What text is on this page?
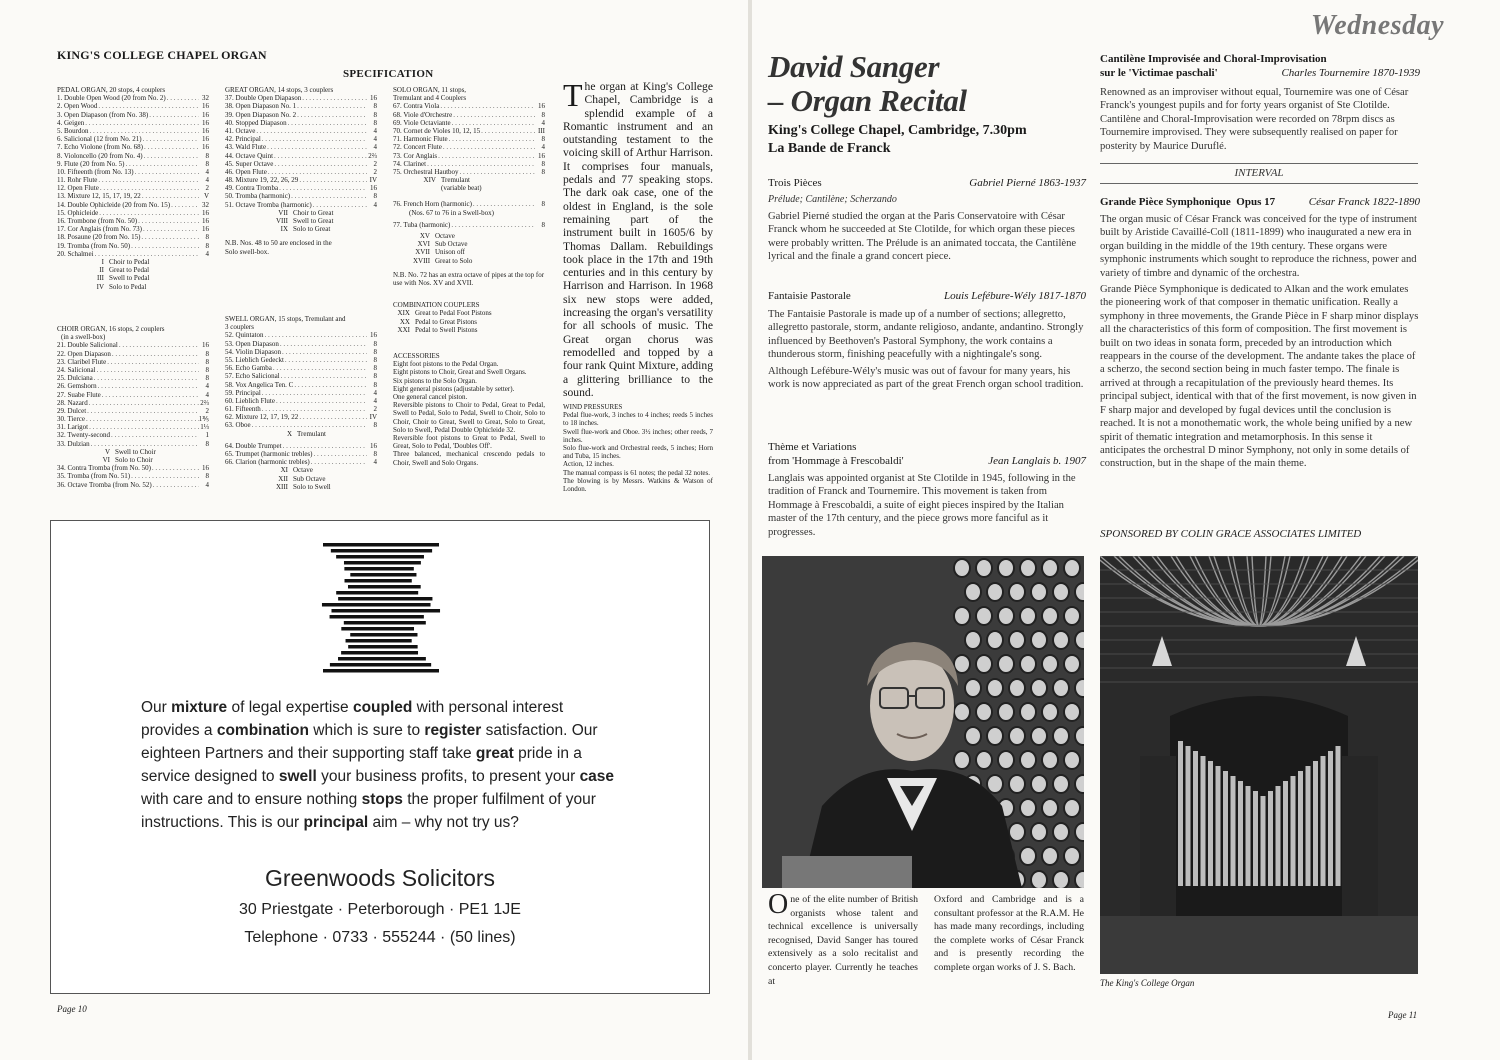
KING'S COLLEGE CHAPEL ORGAN
SPECIFICATION
PEDAL ORGAN, 20 stops, 4 couplers
1. Double Open Wood (20 from No. 2) . . .	32
2. Open Wood . . .	16
3. Open Diapason (from No. 38) . . .	16
4. Geigen . . .	16
5. Bourdon . . .	16
6. Salicional (12 from No. 21) . . .	16
7. Echo Violone (from No. 68) . . .	16
8. Violoncello (20 from No. 4) . . .	8
9. Flute (20 from No. 5) . . .	8
10. Fifteenth (from No. 13) . . .	4
11. Rohr Flute . . .	4
12. Open Flute . . .	2
13. Mixture 12, 15, 17, 19, 22 . . .	V
14. Double Ophicleide (20 from No. 15) . . .	32
15. Ophicleide . . .	16
16. Trombone (from No. 50) . . .	16
17. Cor Anglais (from No. 73) . . .	16
18. Posaune (20 from No. 15) . . .	8
19. Tromba (from No. 50) . . .	8
20. Schalmei . . .	4
I Choir to Pedal
II Great to Pedal
III Swell to Pedal
IV Solo to Pedal
CHOIR ORGAN, 16 stops, 2 couplers
(in a swell-box)
21. Double Salicional . . .	16
22. Open Diapason . . .	8
23. Claribel Flute . . .	8
24. Salicional . . .	8
25. Dulciana . . .	8
26. Gemshorn . . .	4
27. Suabe Flute . . .	4
28. Nazard . . .	2⅔
29. Dulcet . . .	2
30. Tierce . . .	1⅗
31. Larigot . . .	1⅓
32. Twenty-second . . .	1
33. Dulzian . . .	8
V Swell to Choir
VI Solo to Choir
34. Contra Tromba (from No. 50) . . .	16
35. Tromba (from No. 51) . . .	8
36. Octave Tromba (from No. 52) . . .	4
GREAT ORGAN, 14 stops, 3 couplers
37. Double Open Diapason . . .	16
38. Open Diapason No. 1 . . .	8
39. Open Diapason No. 2 . . .	8
40. Stopped Diapason . . .	8
41. Octave . . .	4
42. Principal . . .	4
43. Wald Flute . . .	4
44. Octave Quint . . .	2⅔
45. Super Octave . . .	2
46. Open Flute . . .	2
48. Mixture 19, 22, 26, 29 . . .	IV
49. Contra Tromba . . .	16
50. Tromba (harmonic) . . .	8
51. Octave Tromba (harmonic) . . .	4
VII Choir to Great
VIII Swell to Great
IX Solo to Great
N.B. Nos. 48 to 50 are enclosed in the Solo swell-box.
SWELL ORGAN, 15 stops, Tremulant and 3 couplers
52. Quintaton . . .	16
53. Open Diapason . . .	8
54. Violin Diapason . . .	8
55. Lieblich Gedeckt . . .	8
56. Echo Gamba . . .	8
57. Echo Salicional . . .	8
58. Vox Angelica Ten. C . . .	8
59. Principal . . .	4
60. Lieblich Flute . . .	4
61. Fifteenth . . .	2
62. Mixture 12, 17, 19, 22 . . .	IV
63. Oboe . . .	8
X Tremulant
64. Double Trumpet . . .	16
65. Trumpet (harmonic trebles) . . .	8
66. Clarion (harmonic trebles) . . .	4
XI Octave
XII Sub Octave
XIII Solo to Swell
SOLO ORGAN, 11 stops, Tremulant and 4 Couplers
67. Contra Viola . . .	16
68. Viole d'Orchestre . . .	8
69. Viole Octaviante . . .	4
70. Cornet de Violes 10, 12, 15 . . .	III
71. Harmonic Flute . . .	8
72. Concert Flute . . .	4
73. Cor Anglais . . .	16
74. Clarinet . . .	8
75. Orchestral Hautboy . . .	8
XIV Tremulant
(variable beat)
76. French Horn (harmonic) . . .	8
(Nos. 67 to 76 in a Swell-box)
77. Tuba (harmonic) . . .	8
XV Octave
XVI Sub Octave
XVII Unison off
XVIII Great to Solo
N.B. No. 72 has an extra octave of pipes at the top for use with Nos. XV and XVII.
COMBINATION COUPLERS
XIX Great to Pedal Foot Pistons
XX Pedal to Great Pistons
XXI Pedal to Swell Pistons
ACCESSORIES
Eight foot pistons to the Pedal Organ.
Eight pistons to Choir, Great and Swell Organs.
Six pistons to the Solo Organ.
Eight general pistons (adjustable by setter).
One general cancel piston.
Reversible pistons to Choir to Pedal, Great to Pedal, Swell to Pedal, Solo to Pedal, Swell to Choir, Solo to Choir, Choir to Great, Swell to Great, Solo to Great, Solo to Swell, Pedal Double Ophicleide 32.
Reversible foot pistons to Great to Pedal, Swell to Great, Solo to Pedal, 'Doubles Off'.
Three balanced, mechanical crescendo pedals to Choir, Swell and Solo Organs.
The organ at King's College Chapel, Cambridge is a splendid example of a Romantic instrument and an outstanding testament to the voicing skill of Arthur Harrison. It comprises four manuals, pedals and 77 speaking stops. The dark oak case, one of the oldest in England, is the sole remaining part of the instrument built in 1605/6 by Thomas Dallam. Rebuildings took place in the 17th and 19th centuries and in this century by Harrison and Harrison. In 1968 six new stops were added, increasing the organ's versatility for all schools of music. The Great organ chorus was remodelled and topped by a four rank Quint Mixture, adding a glittering brilliance to the sound.
WIND PRESSURES
Pedal flue-work, 3 inches to 4 inches; reeds 5 inches to 18 inches.
Swell flue-work and Oboe. 3½ inches; other reeds, 7 inches.
Solo flue-work and Orchestral reeds, 5 inches; Horn and Tuba, 15 inches.
Action, 12 inches.
The manual compass is 61 notes; the pedal 32 notes.
The blowing is by Messrs. Watkins & Watson of London.
Our mixture of legal expertise coupled with personal interest provides a combination which is sure to register satisfaction. Our eighteen Partners and their supporting staff take great pride in a service designed to swell your business profits, to present your case with care and to ensure nothing stops the proper fulfilment of your instructions. This is our principal aim – why not try us?
Greenwoods Solicitors
30 Priestgate · Peterborough · PE1 1JE
Telephone · 0733 · 555244 · (50 lines)
Page 10
Wednesday
David Sanger
– Organ Recital
King's College Chapel, Cambridge, 7.30pm
La Bande de Franck
Trois Pièces	Gabriel Pierné 1863-1937
Prélude; Cantilène; Scherzando

Gabriel Pierné studied the organ at the Paris Conservatoire with César Franck whom he succeeded at Ste Clotilde, for which organ these pieces were probably written. The Prélude is an animated toccata, the Cantilène lyrical and the finale a grand concert piece.

Fantaisie Pastorale	Louis Lefébure-Wély 1817-1870

The Fantaisie Pastorale is made up of a number of sections; allegretto, allegretto pastorale, storm, andante religioso, andante, andantino. Strongly influenced by Beethoven's Pastoral Symphony, the work contains a thunderous storm, finishing peacefully with a nightingale's song.

Although Lefébure-Wély's music was out of favour for many years, his work is now appreciated as part of the great French organ school tradition.

Thème et Variations
from 'Hommage à Frescobaldi'	Jean Langlais b. 1907

Langlais was appointed organist at Ste Clotilde in 1945, following in the tradition of Franck and Tournemire. This movement is taken from Hommage à Frescobaldi, a suite of eight pieces inspired by the Italian master of the 17th century, and the piece grows more fanciful as it progresses.

Cantilène Improvisée and Choral-Improvisation
sur le 'Victimae paschali'	Charles Tournemire 1870-1939

Renowned as an improviser without equal, Tournemire was one of César Franck's youngest pupils and for forty years organist of Ste Clotilde. Cantilène and Choral-Improvisation were recorded on 78rpm discs as Tournemire improvised. They were subsequently realised on paper for posterity by Maurice Duruflé.

INTERVAL
Grande Pièce Symphonique  Opus 17	César Franck 1822-1890

The organ music of César Franck was conceived for the type of instrument built by Aristide Cavaillé-Coll (1811-1899) who inaugurated a new era in organ building in the middle of the 19th century. These organs were symphonic instruments which sought to reproduce the richness, power and variety of timbre and dynamic of the orchestra.

Grande Pièce Symphonique is dedicated to Alkan and the work emulates the pioneering work of that composer in thematic unification. Really a symphony in three movements, the Grande Pièce in F sharp minor displays all the characteristics of this form of composition. The first movement is built on two ideas in sonata form, preceded by an introduction which reappears in the course of the development. The andante takes the place of a scherzo, the second section being in much faster tempo. The finale is arrived at through a recapitulation of the previously heard themes. Its principal subject, identical with that of the first movement, is now given in F sharp major and developed by fugal devices until the conclusion is reached. It is not a monothematic work, the whole being unified by a new spirit of thematic integration and metamorphosis. In this sense it anticipates the orchestral D minor Symphony, not only in some details of construction, but in the shape of the main theme.

SPONSORED BY COLIN GRACE ASSOCIATES LIMITED
One of the elite number of British organists whose talent and technical excellence is universally recognised, David Sanger has toured extensively as a solo recitalist and concerto player. Currently he teaches at
Oxford and Cambridge and is a consultant professor at the R.A.M. He has made many recordings, including the complete works of César Franck and is presently recording the complete organ works of J. S. Bach.
The King's College Organ
Page 11
